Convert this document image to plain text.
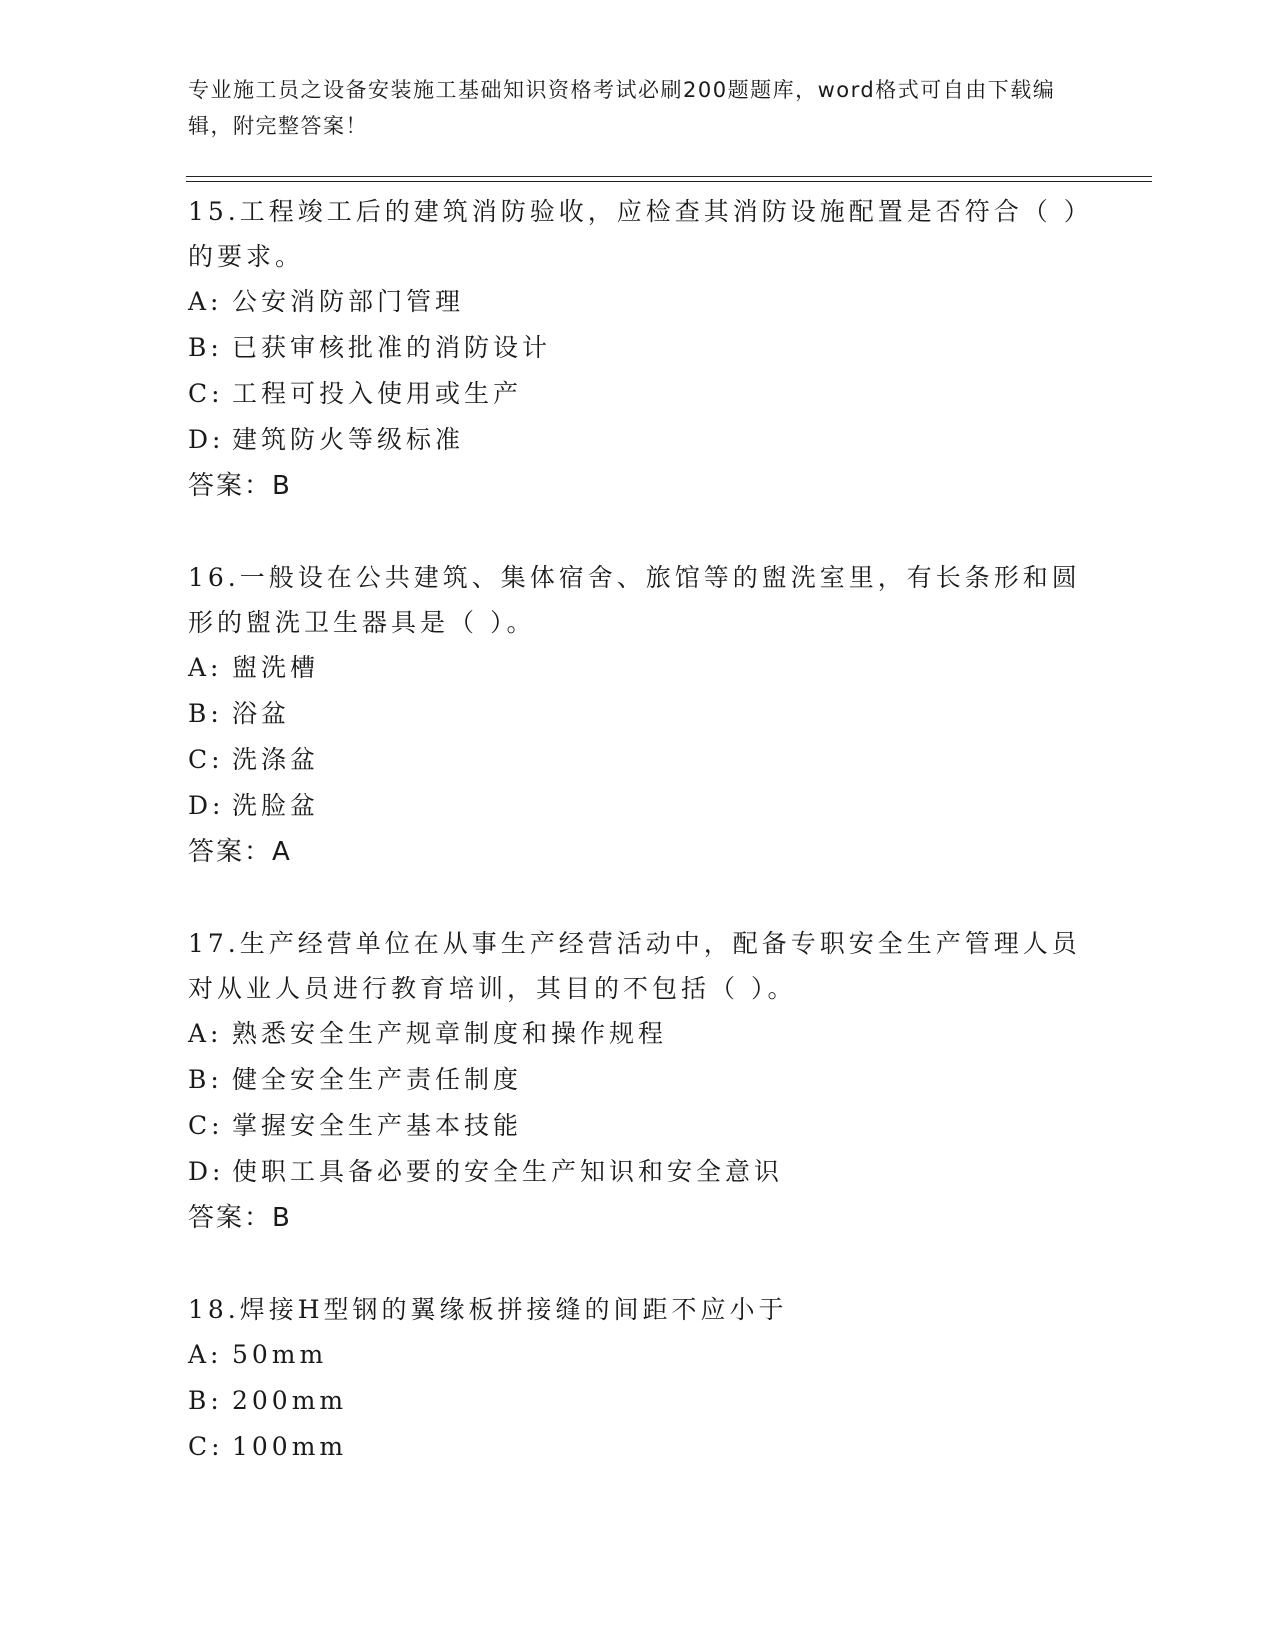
专业施工员之设备安装施工基础知识资格考试必刷200题题库，word格式可自由下载编辑，附完整答案！

15.工程竣工后的建筑消防验收，应检查其消防设施配置是否符合（ ）的要求。

A: 公安消防部门管理

B: 已获审核批准的消防设计

C: 工程可投入使用或生产

D: 建筑防火等级标准

答案：B

16.一般设在公共建筑、集体宿舍、旅馆等的盥洗室里，有长条形和圆形的盥洗卫生器具是（ ）。

A: 盥洗槽

B: 浴盆

C: 洗涤盆

D: 洗脸盆

答案：A

17.生产经营单位在从事生产经营活动中，配备专职安全生产管理人员对从业人员进行教育培训，其目的不包括（ ）。

A: 熟悉安全生产规章制度和操作规程

B: 健全安全生产责任制度

C: 掌握安全生产基本技能

D: 使职工具备必要的安全生产知识和安全意识

答案：B

18.焊接H型钢的翼缘板拼接缝的间距不应小于

A: 50mm

B: 200mm

C: 100mm
